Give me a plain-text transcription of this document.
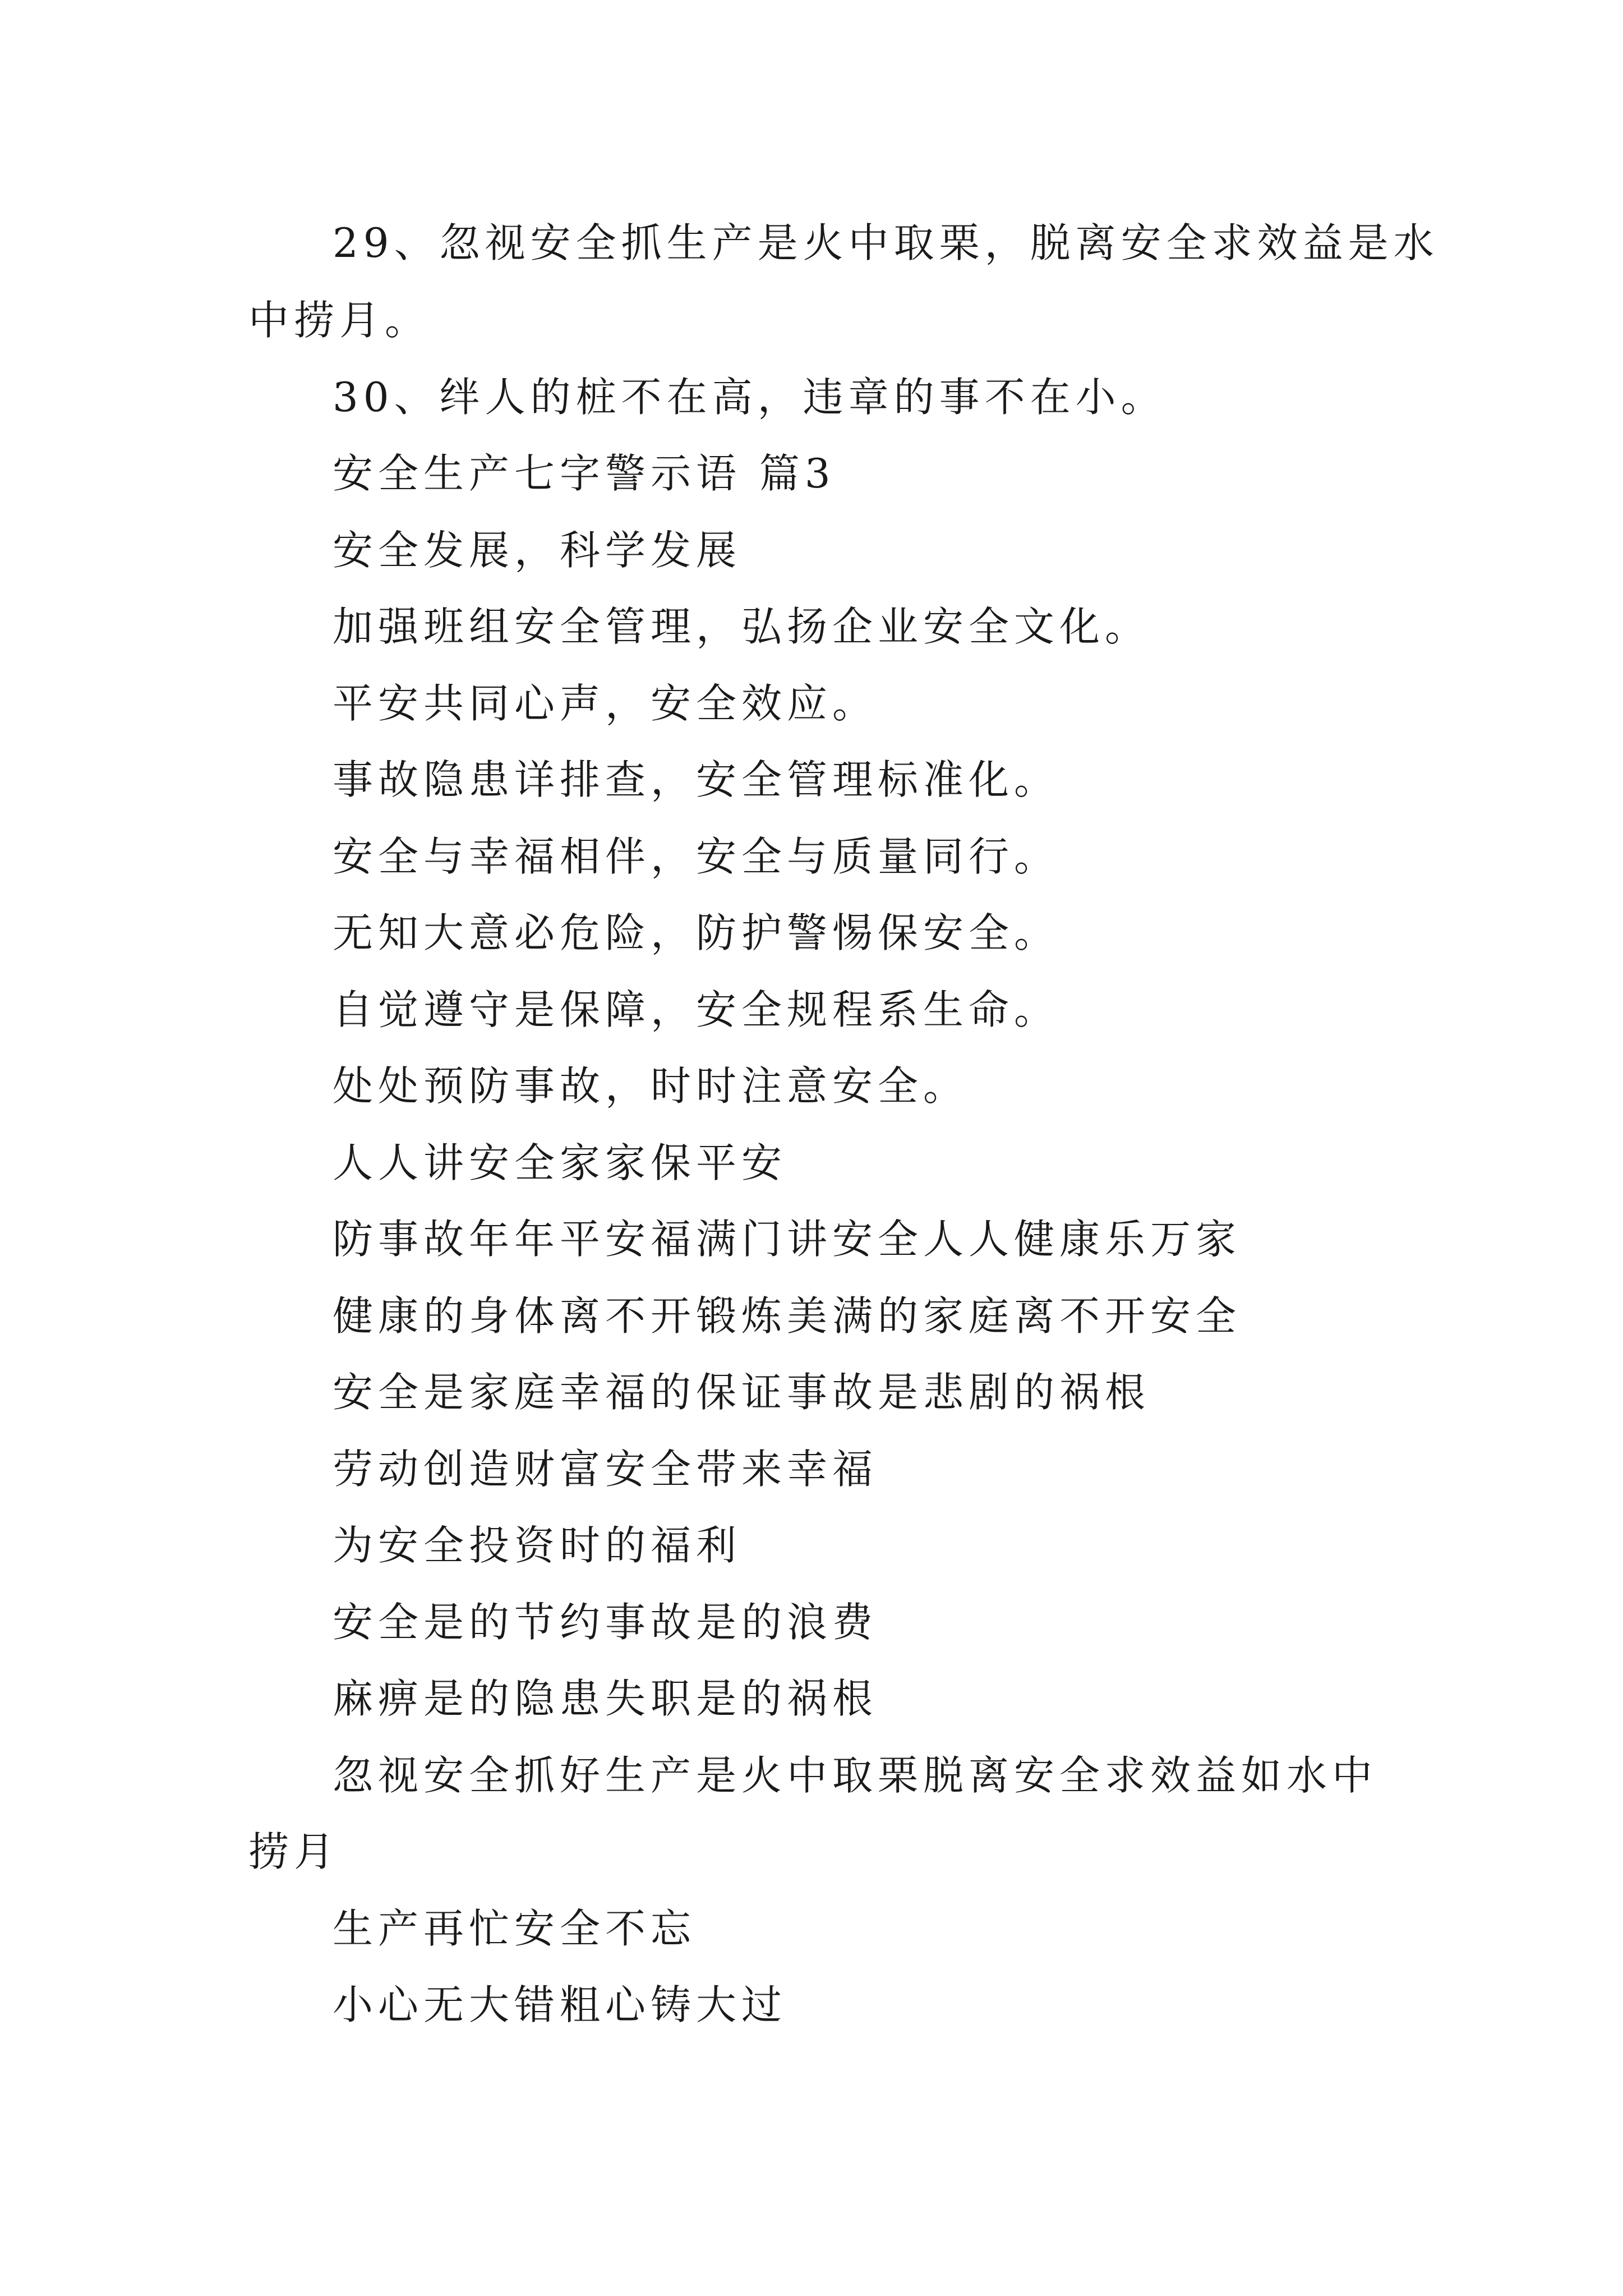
29、忽视安全抓生产是火中取栗，脱离安全求效益是水

中捞月。

30、绊人的桩不在高，违章的事不在小。

安全生产七字警示语 篇3

安全发展，科学发展

加强班组安全管理，弘扬企业安全文化。

平安共同心声，安全效应。

事故隐患详排查，安全管理标准化。

安全与幸福相伴，安全与质量同行。

无知大意必危险，防护警惕保安全。

自觉遵守是保障，安全规程系生命。

处处预防事故，时时注意安全。

人人讲安全家家保平安

防事故年年平安福满门讲安全人人健康乐万家

健康的身体离不开锻炼美满的家庭离不开安全

安全是家庭幸福的保证事故是悲剧的祸根

劳动创造财富安全带来幸福

为安全投资时的福利

安全是的节约事故是的浪费

麻痹是的隐患失职是的祸根

忽视安全抓好生产是火中取栗脱离安全求效益如水中

捞月

生产再忙安全不忘

小心无大错粗心铸大过
